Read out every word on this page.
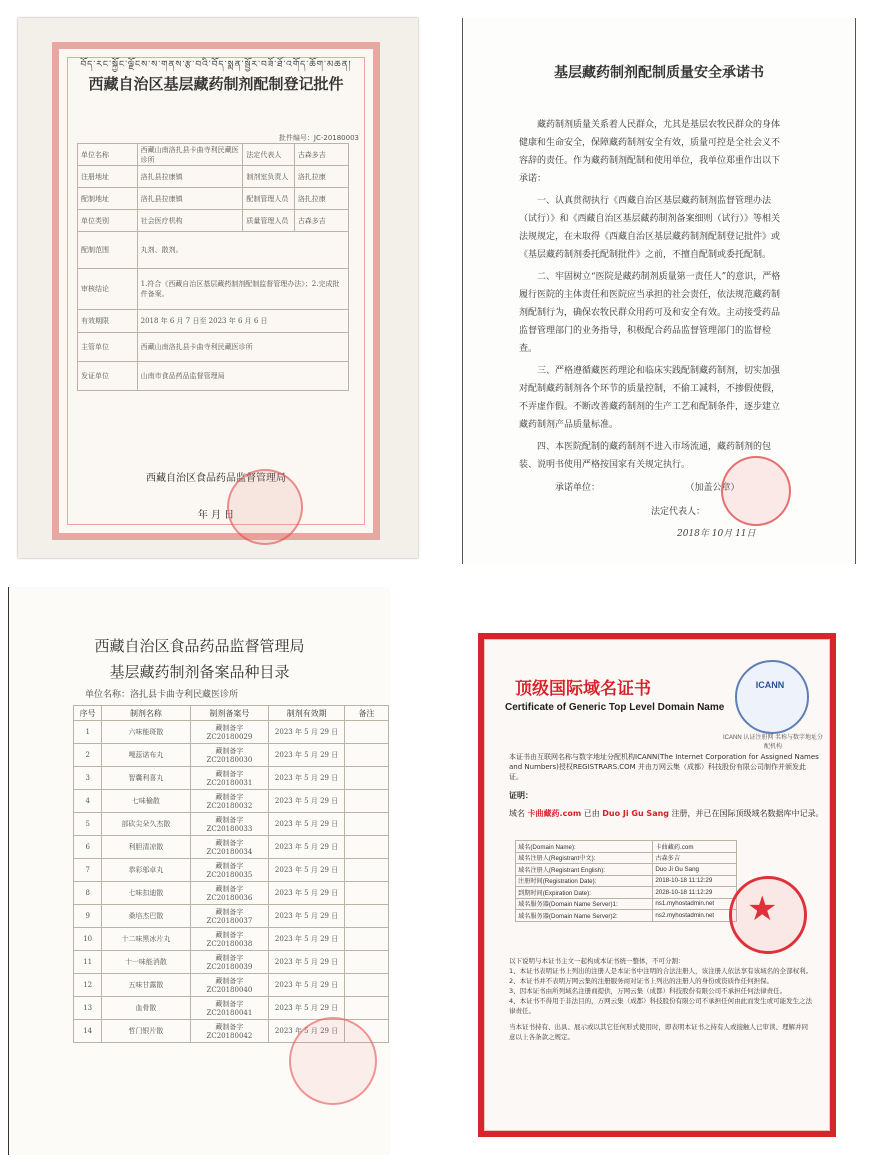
བོད་རང་སྐྱོང་ལྗོངས་ས་གནས་རྩ་བའི་བོད་སྨན་སྦྱོར་བཟོ་ཐོ་འགོད་ཆོག་མཆན།
西藏自治区基层藏药制剂配制登记批件
批件编号：JC-20180003
单位名称	西藏山南洛扎县卡曲寺利民藏医诊所	法定代表人	古森多吉
注册地址	洛扎县拉康镇	制剂室负责人	洛扎拉康
配制地址	洛扎县拉康镇	配制管理人员	洛扎拉康
单位类别	社会医疗机构	质量管理人员	古森多吉
配制范围	丸剂、散剂。		
审核结论	1.符合《西藏自治区基层藏药制剂配制监督管理办法》；2.完成批件备案。		
有效期限	2018 年 6 月 7 日至 2023 年 6 月 6 日		
主管单位	西藏山南洛扎县卡曲寺利民藏医诊所		
发证单位	山南市食品药品监督管理局		
西藏自治区食品药品监督管理局
年 月 日
基层藏药制剂配制质量安全承诺书

藏药制剂质量关系着人民群众，尤其是基层农牧民群众的身体健康和生命安全，保障藏药制剂安全有效，质量可控是全社会义不容辞的责任。作为藏药制剂配制和使用单位，我单位郑重作出以下承诺：

一、认真贯彻执行《西藏自治区基层藏药制剂监督管理办法（试行）》和《西藏自治区基层藏药制剂备案细则（试行）》等相关法规规定，在未取得《西藏自治区基层藏药制剂配制登记批件》或《基层藏药制剂委托配制批件》之前，不擅自配制或委托配制。

二、牢固树立“医院是藏药制剂质量第一责任人”的意识，严格履行医院的主体责任和医院应当承担的社会责任，依法规范藏药制剂配制行为，确保农牧民群众用药可及和安全有效。主动接受药品监督管理部门的业务指导，积极配合药品监督管理部门的监督检查。

三、严格遵循藏医药理论和临床实践配制藏药制剂，切实加强对配制藏药制剂各个环节的质量控制，不偷工减料，不掺假使假，不弄虚作假。不断改善藏药制剂的生产工艺和配制条件，逐步建立藏药制剂产品质量标准。

四、本医院配制的藏药制剂不进入市场流通，藏药制剂的包装、说明书使用严格按国家有关规定执行。

承诺单位：	（加盖公章）
法定代表人：
2018年 10月 11日
西藏自治区食品药品监督管理局
基层藏药制剂备案品种目录
单位名称：洛扎县卡曲寺利民藏医诊所
序号	制剂名称	制剂备案号	制剂有效期	备注
1	六味能斑散	藏制备字 ZC20180029	2023 年 5 月 29 日	
2	嘎蕊诺布丸	藏制备字 ZC20180030	2023 年 5 月 29 日	
3	智囊利喜丸	藏制备字 ZC20180031	2023 年 5 月 29 日	
4	七味榆散	藏制备字 ZC20180032	2023 年 5 月 29 日	
5	部砍尖朵久杰散	藏制备字 ZC20180033	2023 年 5 月 29 日	
6	利胆清凉散	藏制备字 ZC20180034	2023 年 5 月 29 日	
7	恭彩邬卓丸	藏制备字 ZC20180035	2023 年 5 月 29 日	
8	七味扣迪散	藏制备字 ZC20180036	2023 年 5 月 29 日	
9	桑培杰巴散	藏制备字 ZC20180037	2023 年 5 月 29 日	
10	十二味黑冰片丸	藏制备字 ZC20180038	2023 年 5 月 29 日	
11	十一味能消散	藏制备字 ZC20180039	2023 年 5 月 29 日	
12	五味甘露散	藏制备字 ZC20180040	2023 年 5 月 29 日	
13	血骨散	藏制备字 ZC20180041	2023 年 5 月 29 日	
14	哲门银片散	藏制备字 ZC20180042	2023 年 5 月 29 日	
顶级国际域名证书
Certificate of Generic Top Level Domain Name
ICANN
ICANN 认证注册网 名称与数字地址分配机构
本证书由互联网名称与数字地址分配机构ICANN(The Internet Corporation for Assigned Names and Numbers)授权REGISTRARS.COM 并由万网云集（成都）科技股份有限公司制作并颁发此证。
证明：
域名 卡曲藏药.com 已由 Duo Ji Gu Sang 注册，并已在国际顶级域名数据库中记录。
域名(Domain Name):	卡曲藏药.com
域名注册人(Registrant中文):	古森多吉
域名注册人(Registrant English):	Duo Ji Gu Sang
注册时间(Registration Date):	2018-10-18 11:12:29
到期时间(Expiration Date):	2028-10-18 11:12:29
域名服务器(Domain Name Server)1:	ns1.myhostadmin.net
域名服务器(Domain Name Server)2:	ns2.myhostadmin.net ★
以下说明与本证书主文一起构成本证书统一整体，不可分割：
1、本证书表明证书上列出的注册人是本证书中注明的合法注册人，该注册人依法享有该域名的全部权利。
2、本证书并不表明万网云集的注册服务商对证书上列出的注册人的身份或资质作任何担保。
3、因本证书由所列域名注册商提供，万网云集（成都）科技股份有限公司不承担任何法律责任。
4、本证书不得用于非法目的，万网云集（成都）科技股份有限公司不承担任何由此而发生或可能发生之法律责任。
当本证书持有、出具、展示或以其它任何形式使用时，即表明本证书之持有人或接触人已审读、理解并同意以上各条款之规定。
